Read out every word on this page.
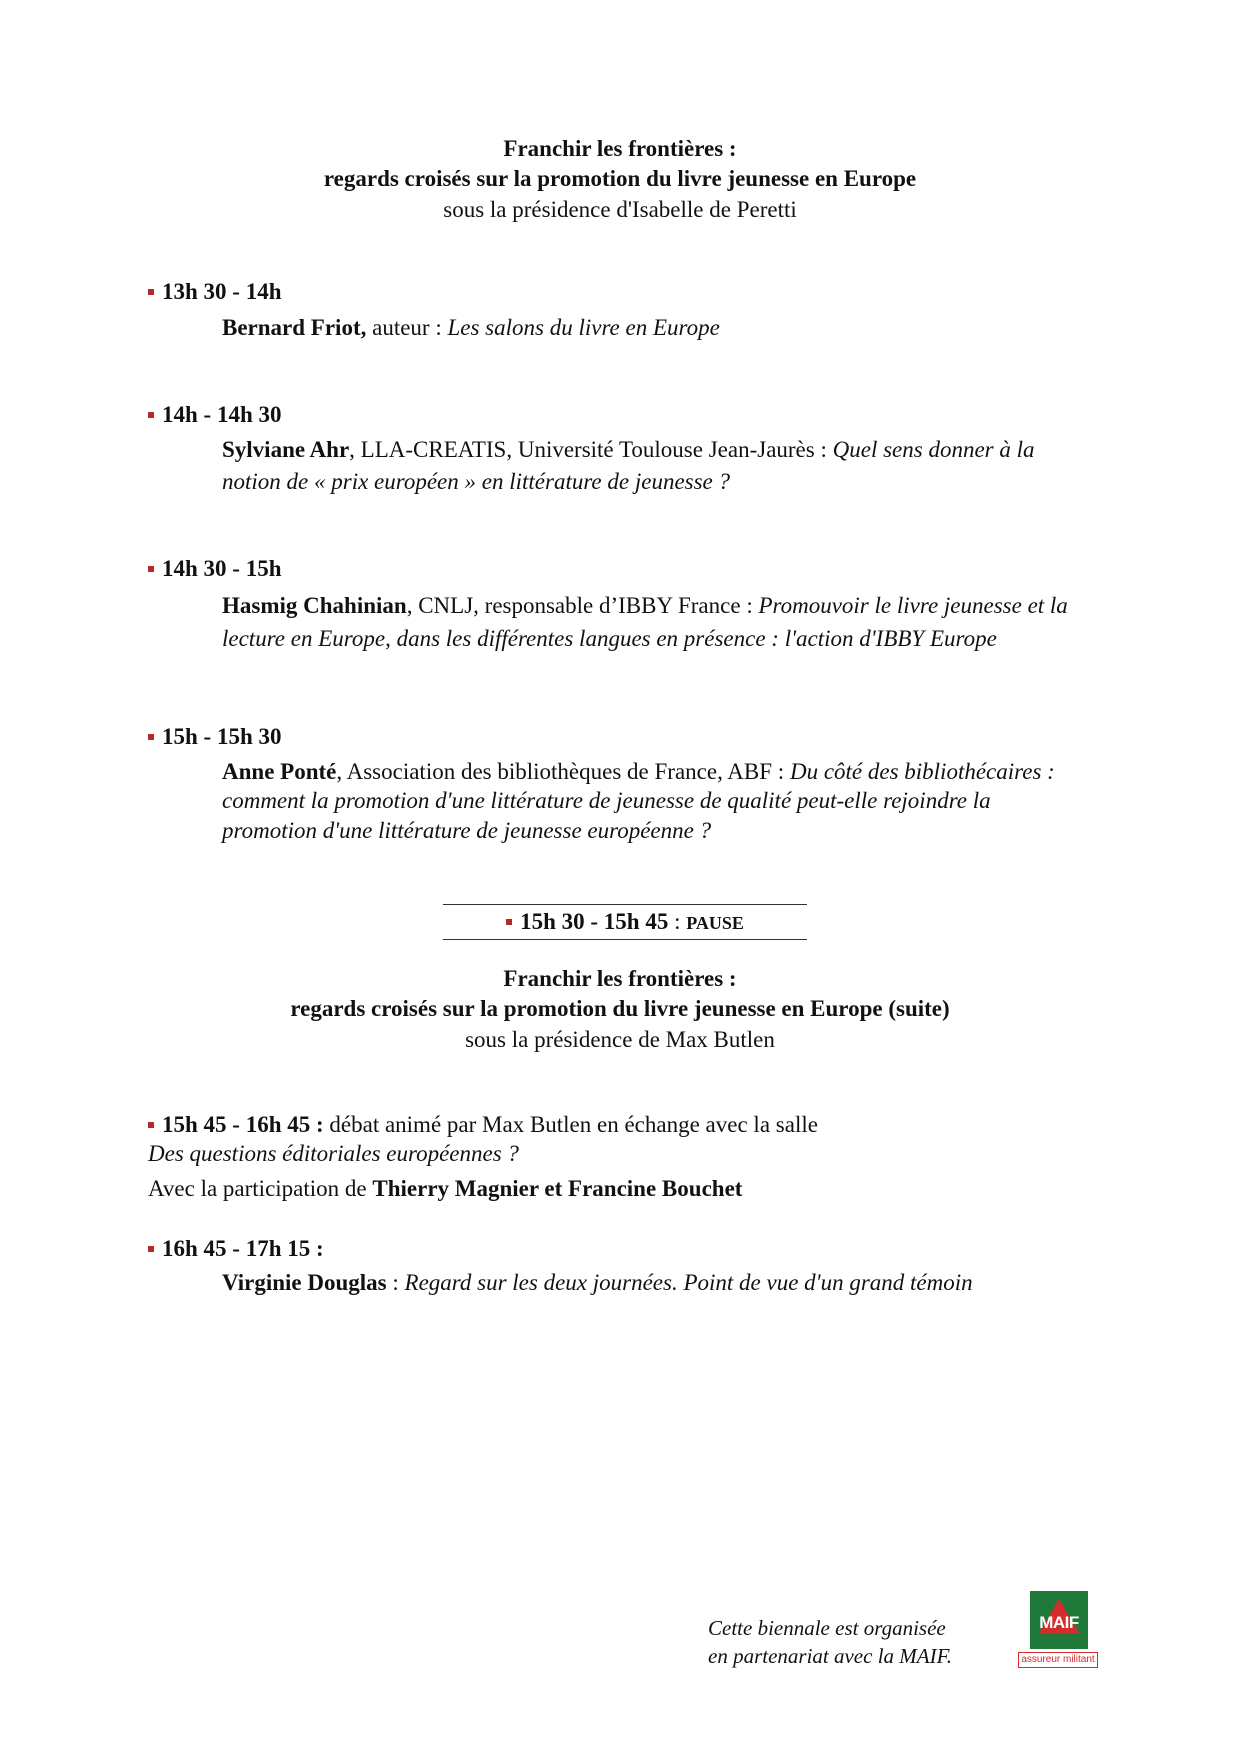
Franchir les frontières :
regards croisés sur la promotion du livre jeunesse en Europe
sous la présidence d'Isabelle de Peretti
13h 30 - 14h
Bernard Friot, auteur : Les salons du livre en Europe
14h - 14h 30
Sylviane Ahr, LLA-CREATIS, Université Toulouse Jean-Jaurès : Quel sens donner à la notion de « prix européen » en littérature de jeunesse ?
14h 30 - 15h
Hasmig Chahinian, CNLJ, responsable d’IBBY France : Promouvoir le livre jeunesse et la lecture en Europe, dans les différentes langues en présence : l'action d'IBBY Europe
15h - 15h 30
Anne Ponté, Association des bibliothèques de France, ABF : Du côté des bibliothécaires : comment la promotion d'une littérature de jeunesse de qualité peut-elle rejoindre la promotion d'une littérature de jeunesse européenne ?
15h 30 - 15h 45 : PAUSE
Franchir les frontières :
regards croisés sur la promotion du livre jeunesse en Europe (suite)
sous la présidence de Max Butlen
15h 45 - 16h 45 : débat animé par Max Butlen en échange avec la salle
Des questions éditoriales européennes ?
Avec la participation de Thierry Magnier et Francine Bouchet
16h 45 - 17h 15 :
Virginie Douglas : Regard sur les deux journées. Point de vue d'un grand témoin
Cette biennale est organisée
en partenariat avec la MAIF.
MAIF
assureur militant
